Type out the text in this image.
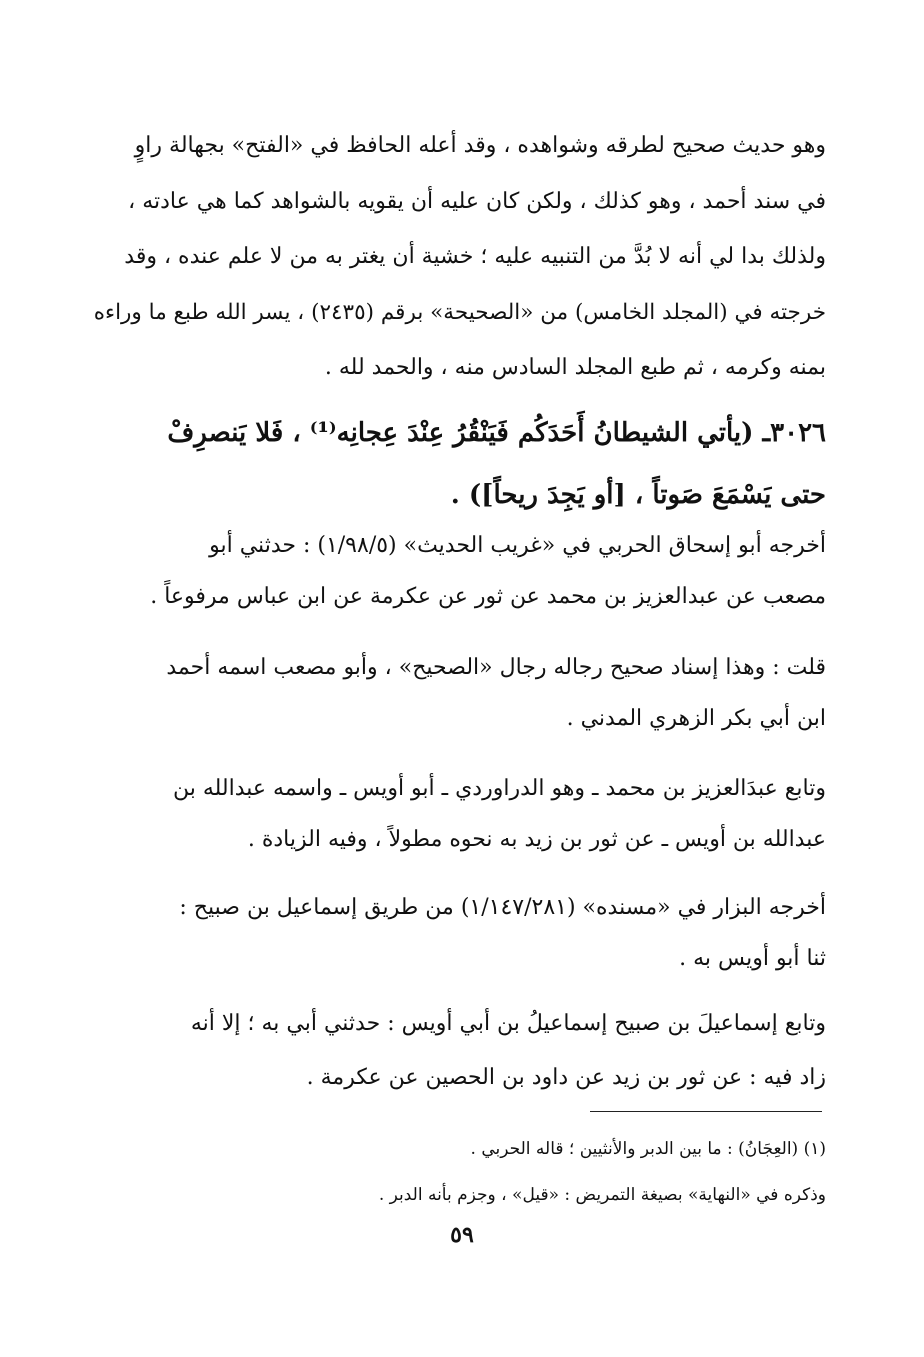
وهو حديث صحيح لطرقه وشواهده ، وقد أعله الحافظ في «الفتح» بجهالة راوٍ
في سند أحمد ، وهو كذلك ، ولكن كان عليه أن يقويه بالشواهد كما هي عادته ،
ولذلك بدا لي أنه لا بُدَّ من التنبيه عليه ؛ خشية أن يغتر به من لا علم عنده ، وقد
خرجته في (المجلد الخامس) من «الصحيحة» برقم (٢٤٣٥) ، يسر الله طبع ما وراءه
بمنه وكرمه ، ثم طبع المجلد السادس منه ، والحمد لله .
٣٠٢٦ـ (يأتي الشيطانُ أَحَدَكُم فَيَنْقُرُ عِنْدَ عِجانِه⁽¹⁾ ، فَلا يَنصرِفْ
حتى يَسْمَعَ صَوتاً ، [أو يَجِدَ ريحاً]) .
أخرجه أبو إسحاق الحربي في «غريب الحديث» (١/٩٨/٥) : حدثني أبو
مصعب عن عبدالعزيز بن محمد عن ثور عن عكرمة عن ابن عباس مرفوعاً .
قلت : وهذا إسناد صحيح رجاله رجال «الصحيح» ، وأبو مصعب اسمه أحمد
ابن أبي بكر الزهري المدني .
وتابع عبدَالعزيز بن محمد ـ وهو الدراوردي ـ أبو أويس ـ واسمه عبدالله بن
عبدالله بن أويس ـ عن ثور بن زيد به نحوه مطولاً ، وفيه الزيادة .
أخرجه البزار في «مسنده» (١/١٤٧/٢٨١) من طريق إسماعيل بن صبيح :
ثنا أبو أويس به .
وتابع إسماعيلَ بن صبيح إسماعيلُ بن أبي أويس : حدثني أبي به ؛ إلا أنه
زاد فيه : عن ثور بن زيد عن داود بن الحصين عن عكرمة .
(١) (العِجَانُ) : ما بين الدبر والأنثيين ؛ قاله الحربي .
وذكره في «النهاية» بصيغة التمريض : «قيل» ، وجزم بأنه الدبر .
٥٩
